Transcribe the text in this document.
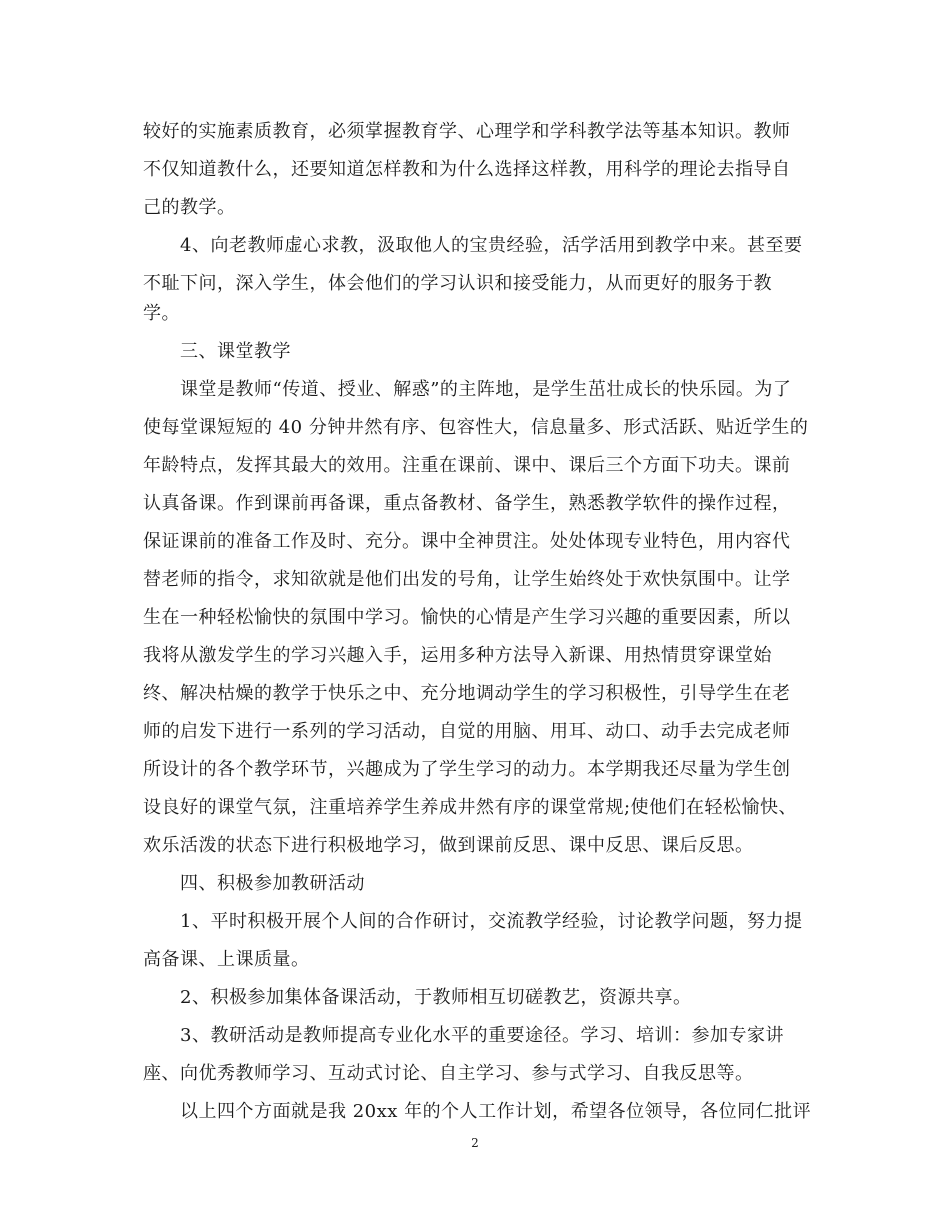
较好的实施素质教育，必须掌握教育学、心理学和学科教学法等基本知识。教师
不仅知道教什么，还要知道怎样教和为什么选择这样教，用科学的理论去指导自
己的教学。
4、向老教师虚心求教，汲取他人的宝贵经验，活学活用到教学中来。甚至要
不耻下问，深入学生，体会他们的学习认识和接受能力，从而更好的服务于教
学。
三、课堂教学
课堂是教师“传道、授业、解惑”的主阵地，是学生茁壮成长的快乐园。为了
使每堂课短短的 40 分钟井然有序、包容性大，信息量多、形式活跃、贴近学生的
年龄特点，发挥其最大的效用。注重在课前、课中、课后三个方面下功夫。课前
认真备课。作到课前再备课，重点备教材、备学生，熟悉教学软件的操作过程，
保证课前的准备工作及时、充分。课中全神贯注。处处体现专业特色，用内容代
替老师的指令，求知欲就是他们出发的号角，让学生始终处于欢快氛围中。让学
生在一种轻松愉快的氛围中学习。愉快的心情是产生学习兴趣的重要因素，所以
我将从激发学生的学习兴趣入手，运用多种方法导入新课、用热情贯穿课堂始
终、解决枯燥的教学于快乐之中、充分地调动学生的学习积极性，引导学生在老
师的启发下进行一系列的学习活动，自觉的用脑、用耳、动口、动手去完成老师
所设计的各个教学环节，兴趣成为了学生学习的动力。本学期我还尽量为学生创
设良好的课堂气氛，注重培养学生养成井然有序的课堂常规;使他们在轻松愉快、
欢乐活泼的状态下进行积极地学习，做到课前反思、课中反思、课后反思。
四、积极参加教研活动
1、平时积极开展个人间的合作研讨，交流教学经验，讨论教学问题，努力提
高备课、上课质量。
2、积极参加集体备课活动，于教师相互切磋教艺，资源共享。
3、教研活动是教师提高专业化水平的重要途径。学习、培训：参加专家讲
座、向优秀教师学习、互动式讨论、自主学习、参与式学习、自我反思等。
以上四个方面就是我 20xx 年的个人工作计划，希望各位领导，各位同仁批评
2
